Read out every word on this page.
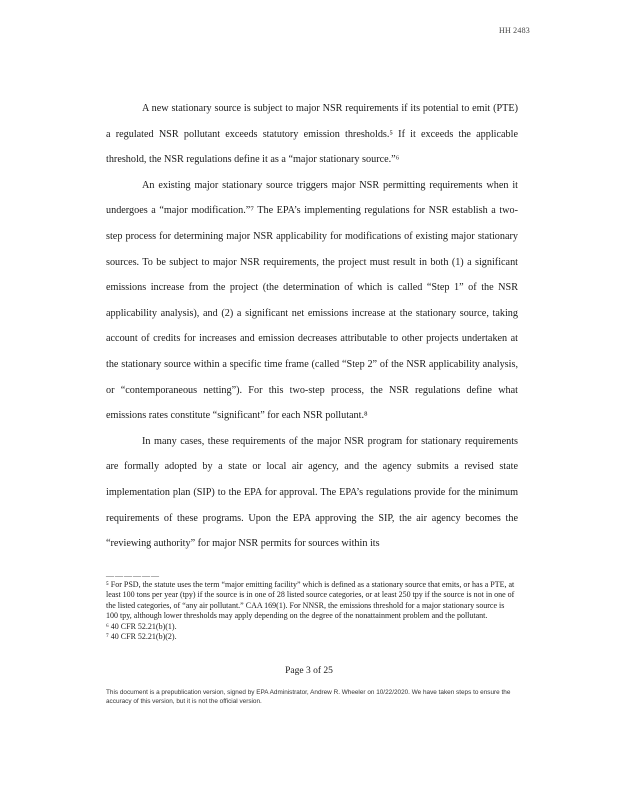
HH 2483

A new stationary source is subject to major NSR requirements if its potential to emit (PTE) a regulated NSR pollutant exceeds statutory emission thresholds.⁵ If it exceeds the applicable threshold, the NSR regulations define it as a “major stationary source.”⁶

An existing major stationary source triggers major NSR permitting requirements when it undergoes a “major modification.”⁷ The EPA’s implementing regulations for NSR establish a two-step process for determining major NSR applicability for modifications of existing major stationary sources. To be subject to major NSR requirements, the project must result in both (1) a significant emissions increase from the project (the determination of which is called “Step 1” of the NSR applicability analysis), and (2) a significant net emissions increase at the stationary source, taking account of credits for increases and emission decreases attributable to other projects undertaken at the stationary source within a specific time frame (called “Step 2” of the NSR applicability analysis, or “contemporaneous netting”). For this two-step process, the NSR regulations define what emissions rates constitute “significant” for each NSR pollutant.⁸

In many cases, these requirements of the major NSR program for stationary requirements are formally adopted by a state or local air agency, and the agency submits a revised state implementation plan (SIP) to the EPA for approval. The EPA’s regulations provide for the minimum requirements of these programs. Upon the EPA approving the SIP, the air agency becomes the “reviewing authority” for major NSR permits for sources within its

——————
⁵ For PSD, the statute uses the term “major emitting facility” which is defined as a stationary source that emits, or has a PTE, at least 100 tons per year (tpy) if the source is in one of 28 listed source categories, or at least 250 tpy if the source is not in one of the listed categories, of “any air pollutant.” CAA 169(1). For NNSR, the emissions threshold for a major stationary source is 100 tpy, although lower thresholds may apply depending on the degree of the nonattainment problem and the pollutant.
⁶ 40 CFR 52.21(b)(1).
⁷ 40 CFR 52.21(b)(2).
Page 3 of 25
This document is a prepublication version, signed by EPA Administrator, Andrew R. Wheeler on 10/22/2020. We have taken steps to ensure the accuracy of this version, but it is not the official version.
